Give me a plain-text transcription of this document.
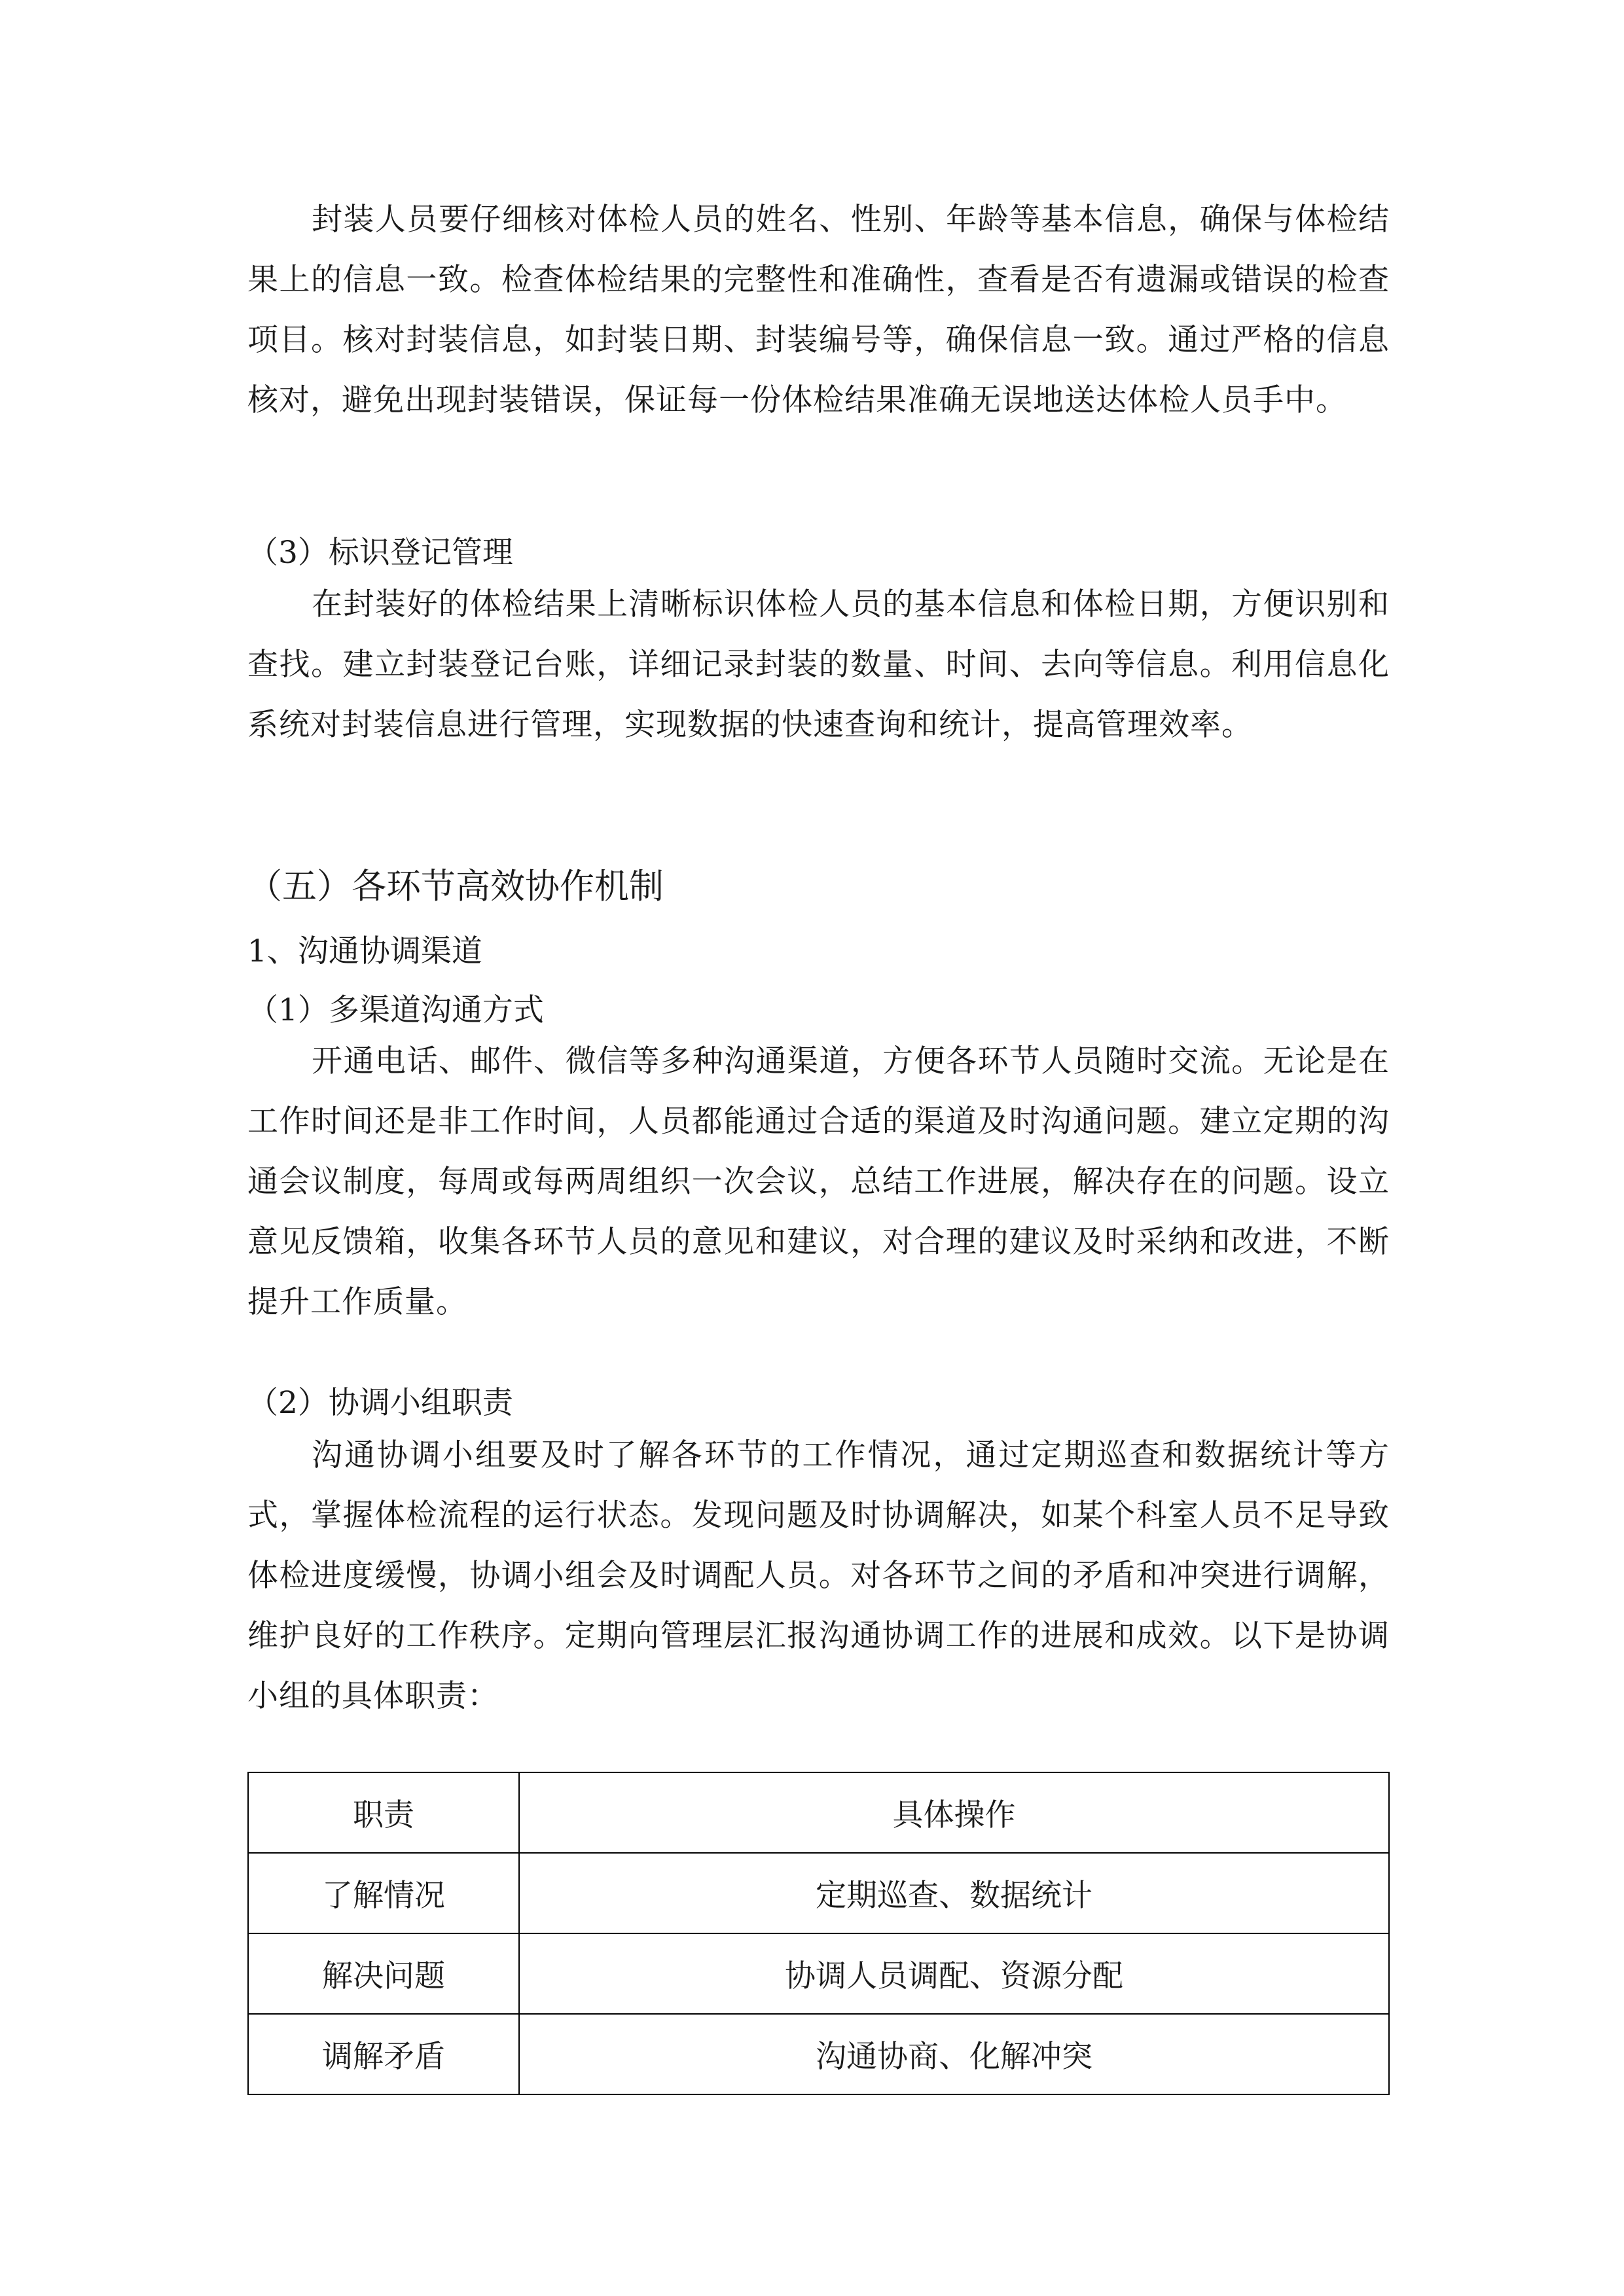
封装人员要仔细核对体检人员的姓名、性别、年龄等基本信息，确保与体检结果上的信息一致。检查体检结果的完整性和准确性，查看是否有遗漏或错误的检查项目。核对封装信息，如封装日期、封装编号等，确保信息一致。通过严格的信息核对，避免出现封装错误，保证每一份体检结果准确无误地送达体检人员手中。

（3）标识登记管理

在封装好的体检结果上清晰标识体检人员的基本信息和体检日期，方便识别和查找。建立封装登记台账，详细记录封装的数量、时间、去向等信息。利用信息化系统对封装信息进行管理，实现数据的快速查询和统计，提高管理效率。

（五）各环节高效协作机制

1、沟通协调渠道

（1）多渠道沟通方式

开通电话、邮件、微信等多种沟通渠道，方便各环节人员随时交流。无论是在工作时间还是非工作时间，人员都能通过合适的渠道及时沟通问题。建立定期的沟通会议制度，每周或每两周组织一次会议，总结工作进展，解决存在的问题。设立意见反馈箱，收集各环节人员的意见和建议，对合理的建议及时采纳和改进，不断提升工作质量。

（2）协调小组职责

沟通协调小组要及时了解各环节的工作情况，通过定期巡查和数据统计等方式，掌握体检流程的运行状态。发现问题及时协调解决，如某个科室人员不足导致体检进度缓慢，协调小组会及时调配人员。对各环节之间的矛盾和冲突进行调解，维护良好的工作秩序。定期向管理层汇报沟通协调工作的进展和成效。以下是协调小组的具体职责：

职责	具体操作
了解情况	定期巡查、数据统计
解决问题	协调人员调配、资源分配
调解矛盾	沟通协商、化解冲突
